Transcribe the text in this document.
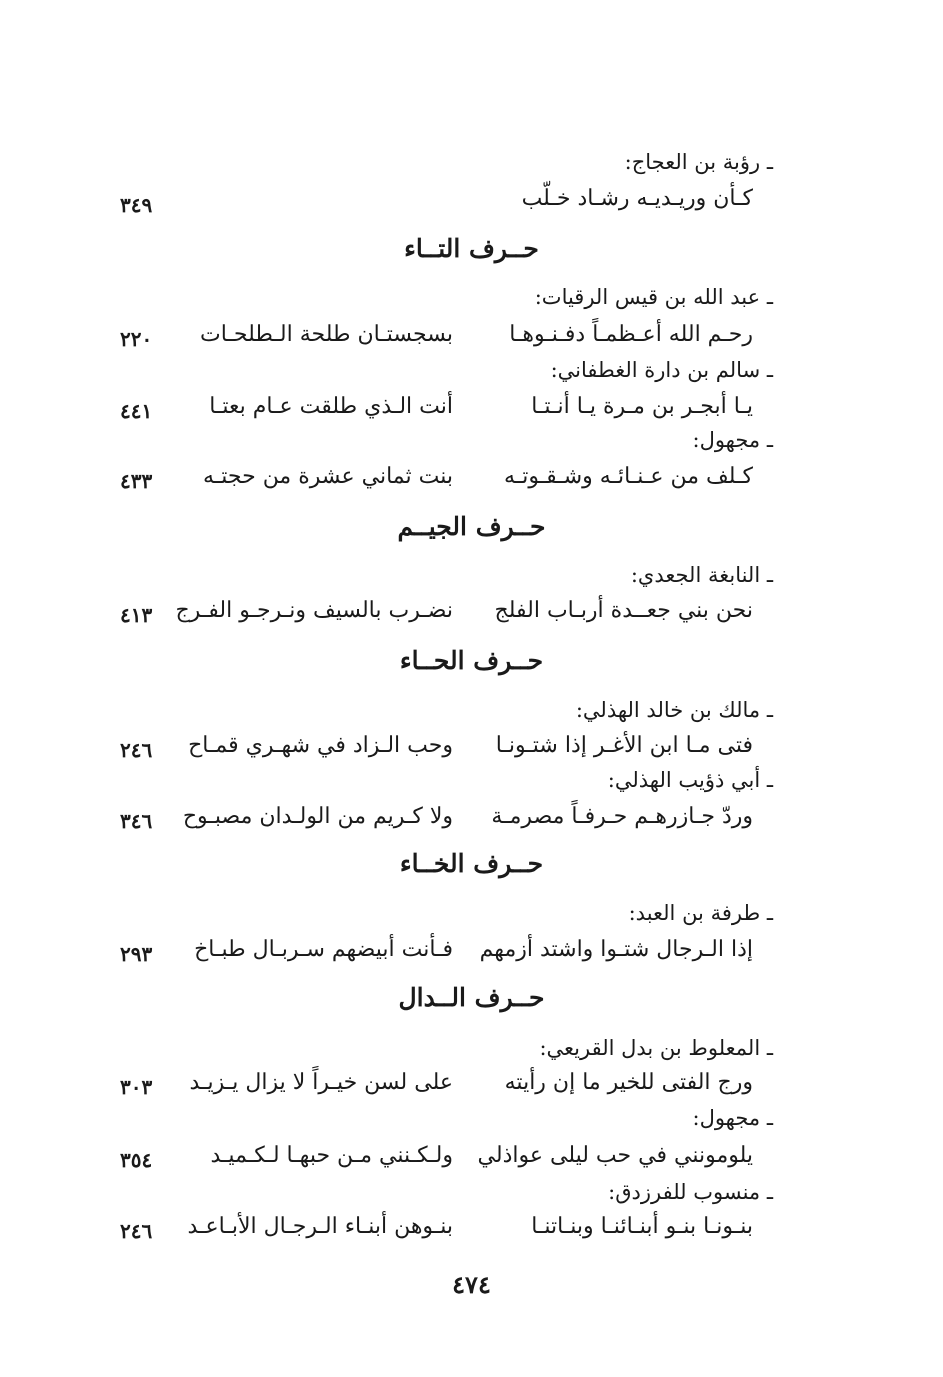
ـ رؤبة بن العجاج:
كـأن وريـديـه رشـاد خـلّب
٣٤٩
حــرف التــاء
ـ عبد الله بن قيس الرقيات:
رحـم الله أعـظمـاً دفـنـوهـا
بسجستـان طلحة الـطلحـات
٢٢٠
ـ سالم بن دارة الغطفاني:
يـا أبجـر بن مـرة يـا أنـتـا
أنت الـذي طلقت عـام بعتـا
٤٤١
ـ مجهول:
كـلف من عـنـائـه وشـقـوتـه
بنت ثماني عشرة من حجتـه
٤٣٣
حــرف الجيــم
ـ النابغة الجعدي:
نحن بني جعــدة أربـاب الفلج
نضـرب بالسيف ونـرجـو الفـرج
٤١٣
حــرف الحــاء
ـ مالك بن خالد الهذلي:
فتى مـا ابن الأغـر إذا شتـونـا
وحب الـزاد في شهـري قمـاح
٢٤٦
ـ أبي ذؤيب الهذلي:
وردّ جـازرهـم حـرفـاً مصرمـة
ولا كـريم من الولـدان مصبـوح
٣٤٦
حــرف الخــاء
ـ طرفة بن العبد:
إذا الـرجال شتـوا واشتد أزمهم
فـأنت أبيضهم سـربـال طبـاخ
٢٩٣
حــرف الــدال
ـ المعلوط بن بدل القريعي:
ورج الفتى للخير ما إن رأيته
على لسن خيـراً لا يزال يـزيـد
٣٠٣
ـ مجهول:
يلومونني في حب ليلى عواذلي
ولـكـنني مـن حبهـا لـكـميـد
٣٥٤
ـ منسوب للفرزدق:
بنـونـا بنـو أبنـائنـا وبنـاتنـا
بنـوهن أبنـاء الـرجـال الأبـاعـد
٢٤٦
٤٧٤
